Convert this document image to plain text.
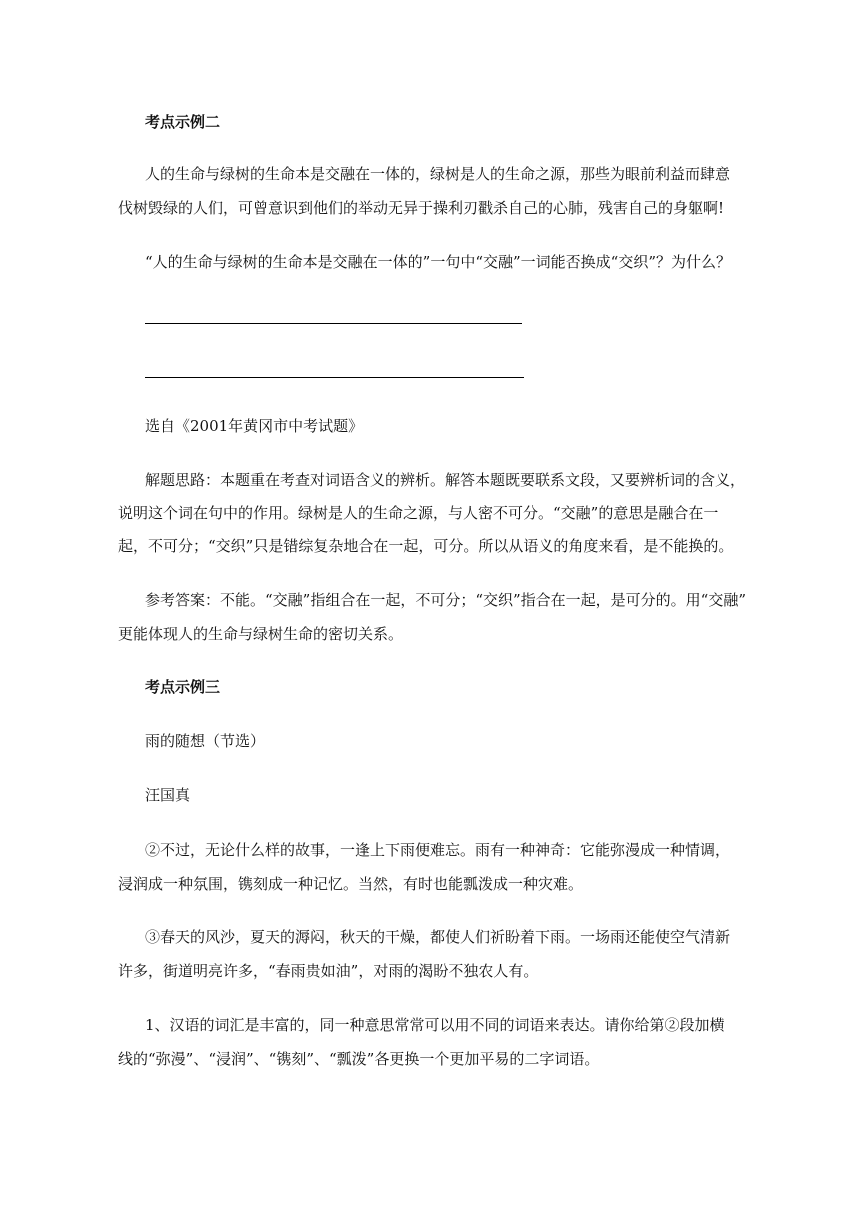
考点示例二
人的生命与绿树的生命本是交融在一体的，绿树是人的生命之源，那些为眼前利益而肆意
伐树毁绿的人们，可曾意识到他们的举动无异于操利刃戳杀自己的心肺，残害自己的身躯啊!
“人的生命与绿树的生命本是交融在一体的”一句中“交融”一词能否换成“交织”？为什么？
选自《2001年黄冈市中考试题》
解题思路：本题重在考查对词语含义的辨析。解答本题既要联系文段，又要辨析词的含义，
说明这个词在句中的作用。绿树是人的生命之源，与人密不可分。“交融”的意思是融合在一
起，不可分；“交织”只是错综复杂地合在一起，可分。所以从语义的角度来看，是不能换的。
参考答案：不能。“交融”指组合在一起，不可分；“交织”指合在一起，是可分的。用“交融”
更能体现人的生命与绿树生命的密切关系。
考点示例三
雨的随想（节选）
汪国真
②不过，无论什么样的故事，一逢上下雨便难忘。雨有一种神奇：它能弥漫成一种情调，
浸润成一种氛围，镌刻成一种记忆。当然，有时也能瓢泼成一种灾难。
③春天的风沙，夏天的溽闷，秋天的干燥，都使人们祈盼着下雨。一场雨还能使空气清新
许多，街道明亮许多，“春雨贵如油”，对雨的渴盼不独农人有。
1、汉语的词汇是丰富的，同一种意思常常可以用不同的词语来表达。请你给第②段加横
线的“弥漫”、“浸润”、“镌刻”、“瓢泼”各更换一个更加平易的二字词语。
